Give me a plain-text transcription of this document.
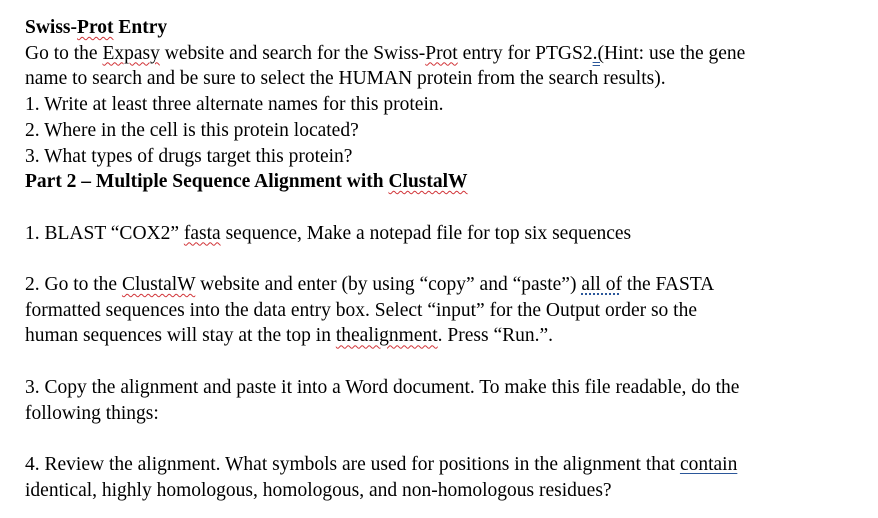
Swiss-Prot Entry
Go to the Expasy website and search for the Swiss-Prot entry for PTGS2.(Hint: use the gene
name to search and be sure to select the HUMAN protein from the search results).
1. Write at least three alternate names for this protein.
2. Where in the cell is this protein located?
3. What types of drugs target this protein?
Part 2 – Multiple Sequence Alignment with ClustalW
1. BLAST “COX2” fasta sequence, Make a notepad file for top six sequences
2. Go to the ClustalW website and enter (by using “copy” and “paste”) all of the FASTA
formatted sequences into the data entry box. Select “input” for the Output order so the
human sequences will stay at the top in thealignment. Press “Run.”.
3. Copy the alignment and paste it into a Word document. To make this file readable, do the
following things:
4. Review the alignment. What symbols are used for positions in the alignment that contain
identical, highly homologous, homologous, and non-homologous residues?
